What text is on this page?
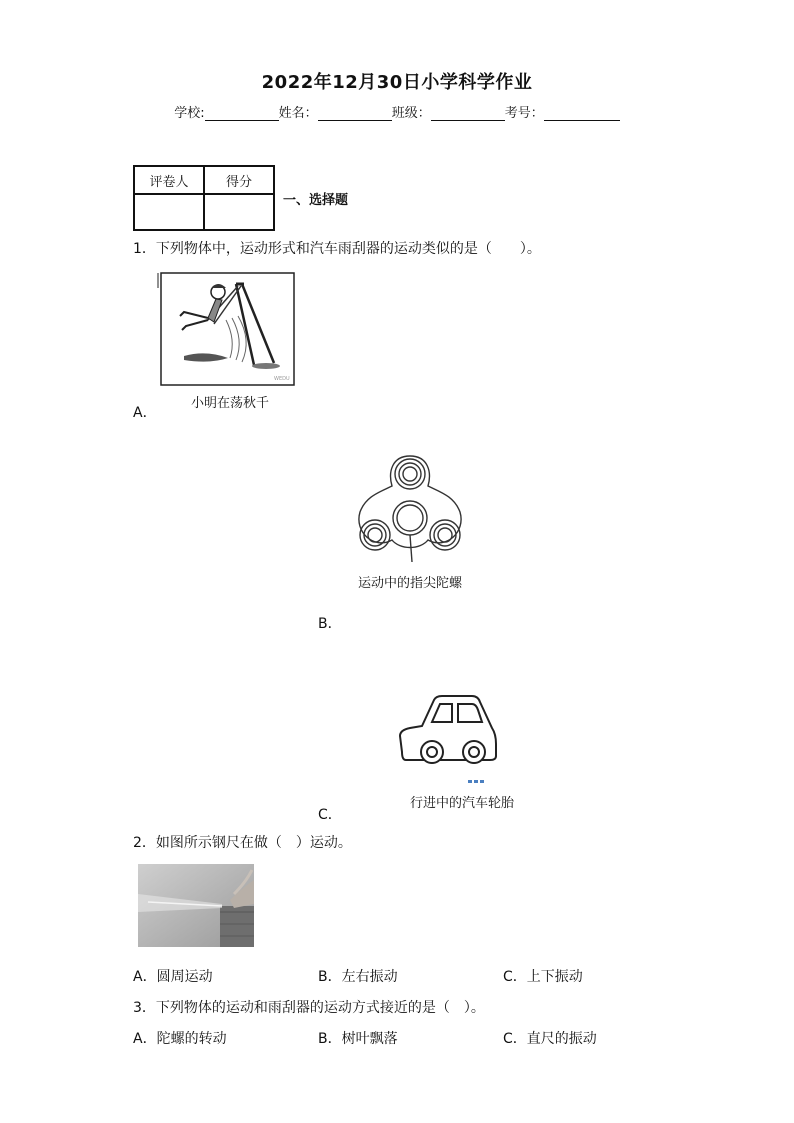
2022年12月30日小学科学作业
学校:	姓名：	班级：	考号：
评卷人	得分

一、选择题
1．下列物体中，运动形式和汽车雨刮器的运动类似的是（　　）。
WEDU
小明在荡秋千
A．
运动中的指尖陀螺
B．
行进中的汽车轮胎
C．
2．如图所示钢尺在做（　）运动。
A．圆周运动	B．左右振动	C．上下振动
3．下列物体的运动和雨刮器的运动方式接近的是（　）。
A．陀螺的转动	B．树叶飘落	C．直尺的振动
